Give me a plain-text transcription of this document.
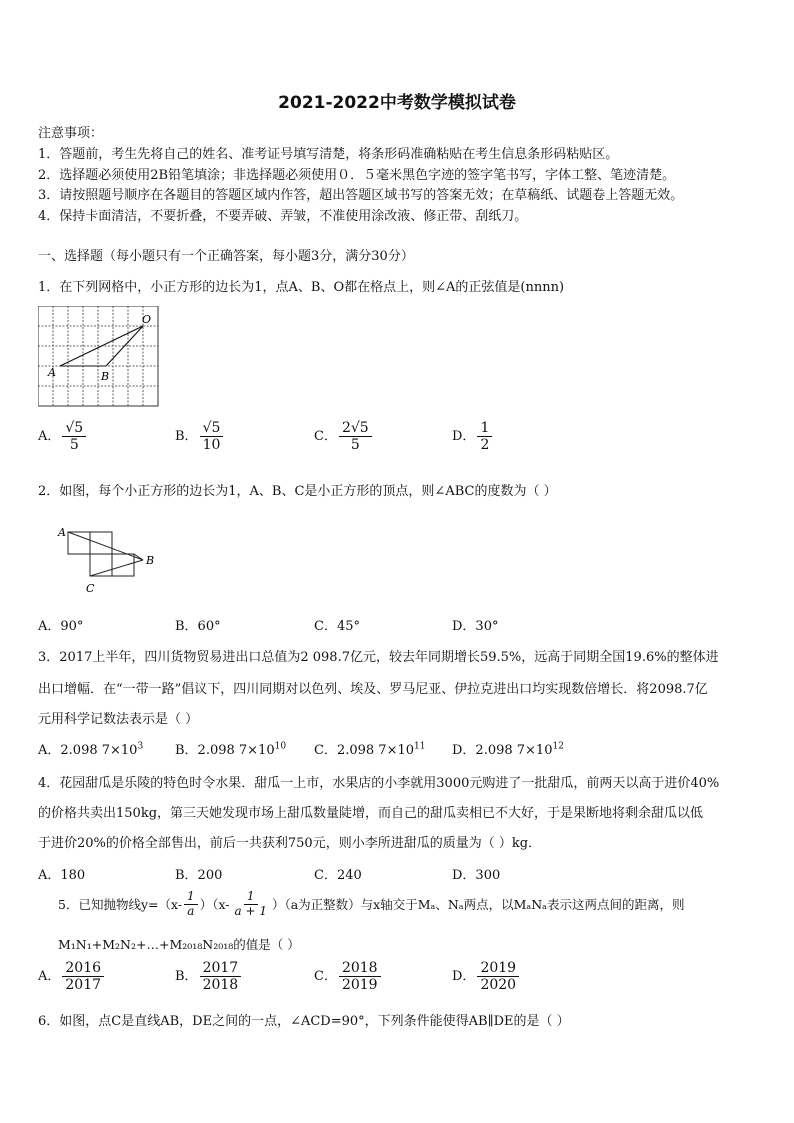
2021-2022中考数学模拟试卷
注意事项：
1．答题前，考生先将自己的姓名、准考证号填写清楚，将条形码准确粘贴在考生信息条形码粘贴区。
2．选择题必须使用2B铅笔填涂；非选择题必须使用０．５毫米黑色字迹的签字笔书写，字体工整、笔迹清楚。
3．请按照题号顺序在各题目的答题区域内作答，超出答题区域书写的答案无效；在草稿纸、试题卷上答题无效。
4．保持卡面清洁，不要折叠，不要弄破、弄皱，不准使用涂改液、修正带、刮纸刀。
一、选择题（每小题只有一个正确答案，每小题3分，满分30分）
1．在下列网格中，小正方形的边长为1，点A、B、O都在格点上，则∠A的正弦值是(nnnn)
O
A	B
A． $\frac{√5}{5}$	B． $\frac{√5}{10}$	C． $\frac{2√5}{5}$	D． $\frac{1}{2}$
2．如图，每个小正方形的边长为1，A、B、C是小正方形的顶点，则∠ABC的度数为（ ）
A
B
C
A．90°	B．60°	C．45°	D．30°
3．2017上半年，四川货物贸易进出口总值为2 098.7亿元，较去年同期增长59.5%，远高于同期全国19.6%的整体进
出口增幅．在“一带一路”倡议下，四川同期对以色列、埃及、罗马尼亚、伊拉克进出口均实现数倍增长．将2098.7亿
元用科学记数法表示是（ ）
A．2.098 $7\times 10^3$ B．2.098 $7\times 10^{10}$ C．2.098 $7\times 10^{11}$ D．2.098 $7\times 10^{12}$
4．花园甜瓜是乐陵的特色时令水果．甜瓜一上市，水果店的小李就用3000元购进了一批甜瓜，前两天以高于进价40%
的价格共卖出150kg，第三天她发现市场上甜瓜数量陡增，而自己的甜瓜卖相已不大好，于是果断地将剩余甜瓜以低
于进价20%的价格全部售出，前后一共获利750元，则小李所进甜瓜的质量为（ ）kg．
A．180	B．200	C．240	D．300
5．已知抛物线$y=(x- \frac{1}{a} )(x- \frac{1}{a + 1} )(a$为正整数）与x轴交于Mₐ、Nₐ两点，以MₐNₐ表示这两点间的距离，则
M₁N₁+M₂N₂+…+M₂₀₁₈N₂₀₁₈的值是（ ）
A． $\frac{2016}{2017}$	B． $\frac{2017}{2018}$	C． $\frac{2018}{2019}$	D． $\frac{2019}{2020}$
6．如图，点C是直线AB，DE之间的一点，∠ACD=90°，下列条件能使得AB∥DE的是（ ）
